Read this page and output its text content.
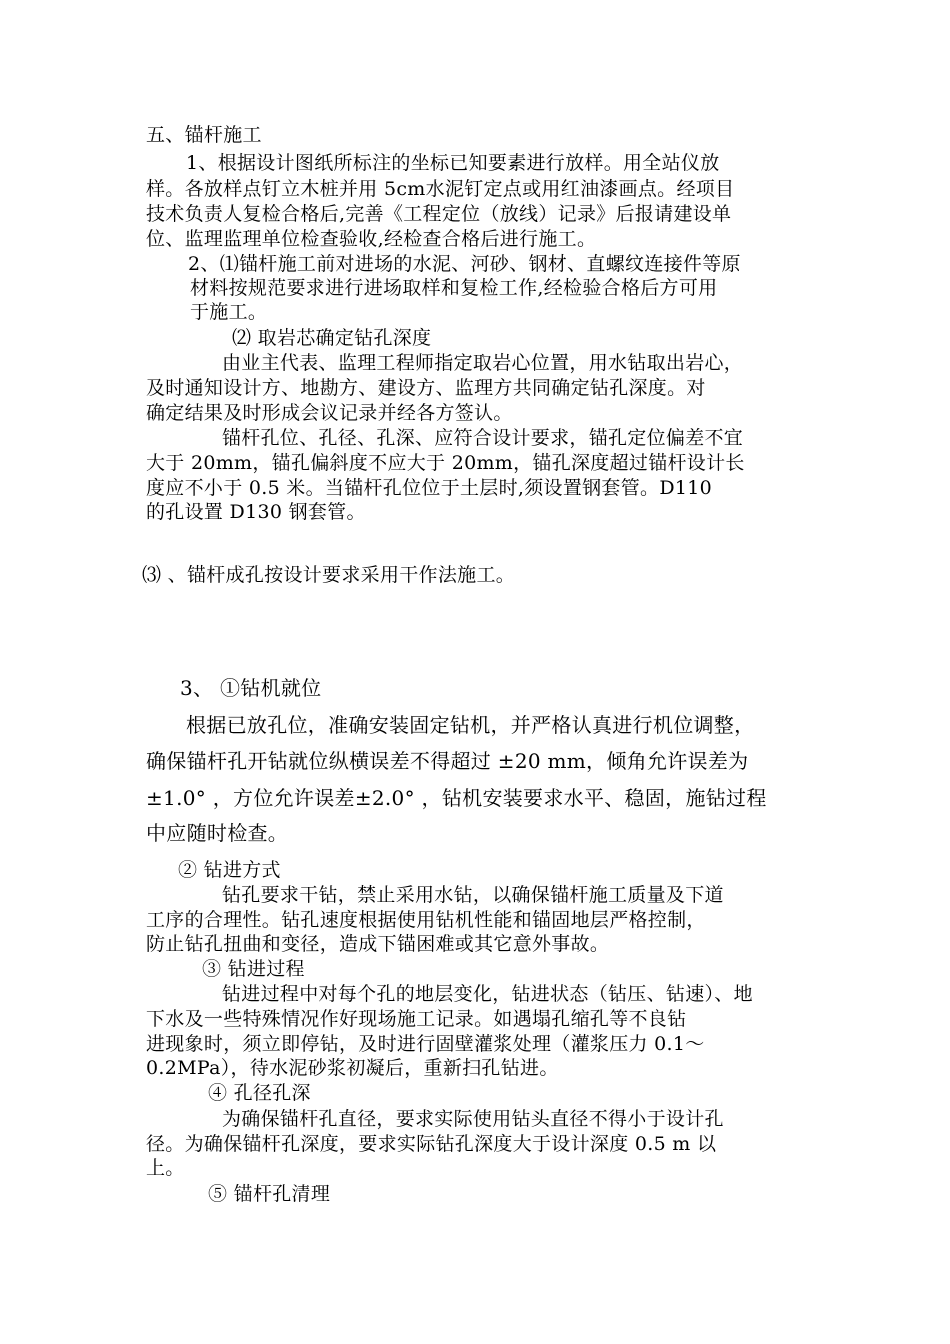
五、锚杆施工

1、根据设计图纸所标注的坐标已知要素进行放样。用全站仪放

样。各放样点钉立木桩并用 5cm水泥钉定点或用红油漆画点。经项目

技术负责人复检合格后,完善《工程定位（放线）记录》后报请建设单

位、监理监理单位检查验收,经检查合格后进行施工。

2、⑴锚杆施工前对进场的水泥、河砂、钢材、直螺纹连接件等原

材料按规范要求进行进场取样和复检工作,经检验合格后方可用

于施工。

⑵ 取岩芯确定钻孔深度

由业主代表、监理工程师指定取岩心位置，用水钻取出岩心，

及时通知设计方、地勘方、建设方、监理方共同确定钻孔深度。对

确定结果及时形成会议记录并经各方签认。

锚杆孔位、孔径、孔深、应符合设计要求，锚孔定位偏差不宜

大于 20mm，锚孔偏斜度不应大于 20mm，锚孔深度超过锚杆设计长

度应不小于 0.5 米。当锚杆孔位位于土层时,须设置钢套管。D110

的孔设置 D130 钢套管。

⑶ 、锚杆成孔按设计要求采用干作法施工。

3、 ①钻机就位

根据已放孔位，准确安装固定钻机，并严格认真进行机位调整，

确保锚杆孔开钻就位纵横误差不得超过 ±20 mm，倾角允许误差为

±1.0° ，方位允许误差±2.0° ，钻机安装要求水平、稳固，施钻过程

中应随时检查。

② 钻进方式

钻孔要求干钻，禁止采用水钻，以确保锚杆施工质量及下道

工序的合理性。钻孔速度根据使用钻机性能和锚固地层严格控制，

防止钻孔扭曲和变径，造成下锚困难或其它意外事故。

③ 钻进过程

钻进过程中对每个孔的地层变化，钻进状态（钻压、钻速）、地

下水及一些特殊情况作好现场施工记录。如遇塌孔缩孔等不良钻

进现象时，须立即停钻，及时进行固壁灌浆处理（灌浆压力 0.1～

0.2MPa），待水泥砂浆初凝后，重新扫孔钻进。

④ 孔径孔深

为确保锚杆孔直径，要求实际使用钻头直径不得小于设计孔

径。为确保锚杆孔深度，要求实际钻孔深度大于设计深度 0.5 m 以

上。

⑤ 锚杆孔清理
